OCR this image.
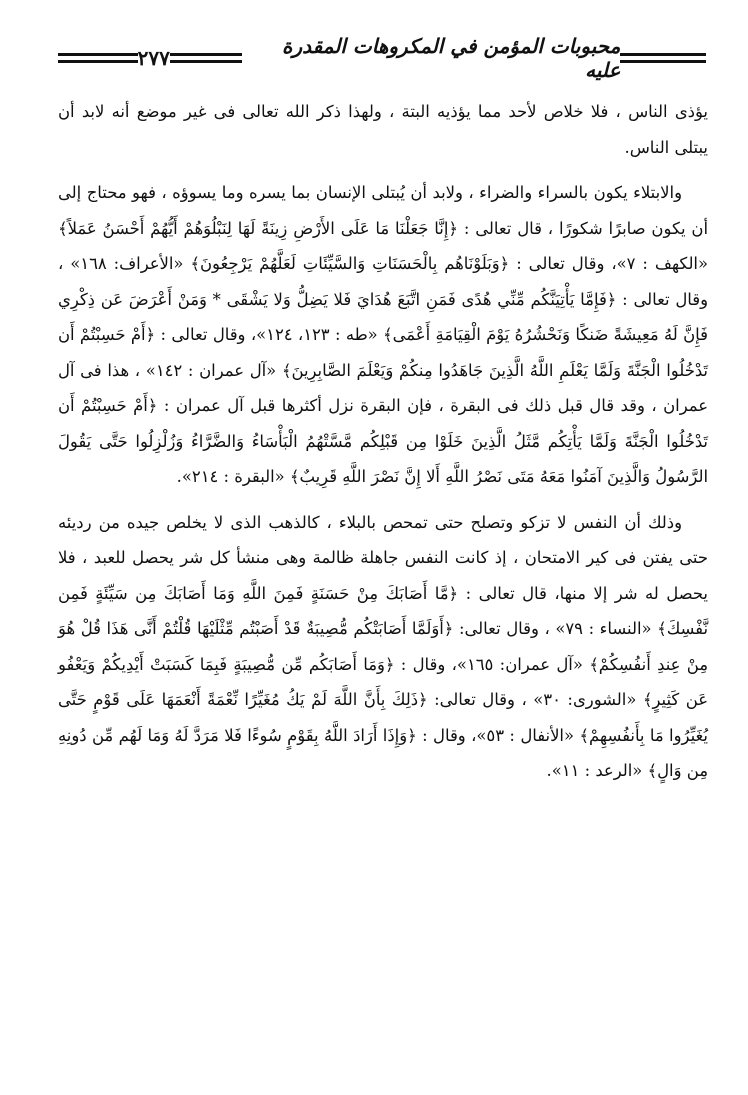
٢٧٧	محبوبات المؤمن في المكروهات المقدرة عليه

يؤذى الناس ، فلا خلاص لأحد مما يؤذيه البتة ، ولهذا ذكر الله تعالى فى غير موضع أنه لابد أن يبتلى الناس.

والابتلاء يكون بالسراء والضراء ، ولابد أن يُبتلى الإنسان بما يسره وما يسوؤه ، فهو محتاج إلى أن يكون صابرًا شكورًا ، قال تعالى : ﴿إِنَّا جَعَلْنَا مَا عَلَى الأَرْضِ زِينَةً لَهَا لِنَبْلُوَهُمْ أَيُّهُمْ أَحْسَنُ عَمَلاً﴾ «الكهف : ٧»، وقال تعالى : ﴿وَبَلَوْنَاهُم بِالْحَسَنَاتِ وَالسَّيِّئَاتِ لَعَلَّهُمْ يَرْجِعُونَ﴾ «الأعراف: ١٦٨» ، وقال تعالى : ﴿فَإِمَّا يَأْتِيَنَّكُم مِّنِّي هُدًى فَمَنِ اتَّبَعَ هُدَايَ فَلا يَضِلُّ وَلا يَشْقَى * وَمَنْ أَعْرَضَ عَن ذِكْرِي فَإِنَّ لَهُ مَعِيشَةً ضَنكًا وَنَحْشُرُهُ يَوْمَ الْقِيَامَةِ أَعْمَى﴾ «طه : ١٢٣، ١٢٤»، وقال تعالى : ﴿أَمْ حَسِبْتُمْ أَن تَدْخُلُوا الْجَنَّةَ وَلَمَّا يَعْلَمِ اللَّهُ الَّذِينَ جَاهَدُوا مِنكُمْ وَيَعْلَمَ الصَّابِرِينَ﴾ «آل عمران : ١٤٢» ، هذا فى آل عمران ، وقد قال قبل ذلك فى البقرة ، فإن البقرة نزل أكثرها قبل آل عمران : ﴿أَمْ حَسِبْتُمْ أَن تَدْخُلُوا الْجَنَّةَ وَلَمَّا يَأْتِكُم مَّثَلُ الَّذِينَ خَلَوْا مِن قَبْلِكُم مَّسَّتْهُمُ الْبَأْسَاءُ وَالضَّرَّاءُ وَزُلْزِلُوا حَتَّى يَقُولَ الرَّسُولُ وَالَّذِينَ آمَنُوا مَعَهُ مَتَى نَصْرُ اللَّهِ أَلا إِنَّ نَصْرَ اللَّهِ قَرِيبٌ﴾ «البقرة : ٢١٤».

وذلك أن النفس لا تزكو وتصلح حتى تمحص بالبلاء ، كالذهب الذى لا يخلص جيده من رديئه حتى يفتن فى كير الامتحان ، إذ كانت النفس جاهلة ظالمة وهى منشأ كل شر يحصل للعبد ، فلا يحصل له شر إلا منها، قال تعالى : ﴿مَّا أَصَابَكَ مِنْ حَسَنَةٍ فَمِنَ اللَّهِ وَمَا أَصَابَكَ مِن سَيِّئَةٍ فَمِن نَّفْسِكَ﴾ «النساء : ٧٩» ، وقال تعالى: ﴿أَوَلَمَّا أَصَابَتْكُم مُّصِيبَةٌ قَدْ أَصَبْتُم مِّثْلَيْهَا قُلْتُمْ أَنَّى هَذَا قُلْ هُوَ مِنْ عِندِ أَنفُسِكُمْ﴾ «آل عمران: ١٦٥»، وقال : ﴿وَمَا أَصَابَكُم مِّن مُّصِيبَةٍ فَبِمَا كَسَبَتْ أَيْدِيكُمْ وَيَعْفُو عَن كَثِيرٍ﴾ «الشورى: ٣٠» ، وقال تعالى: ﴿ذَلِكَ بِأَنَّ اللَّهَ لَمْ يَكُ مُغَيِّرًا نِّعْمَةً أَنْعَمَهَا عَلَى قَوْمٍ حَتَّى يُغَيِّرُوا مَا بِأَنفُسِهِمْ﴾ «الأنفال : ٥٣»، وقال : ﴿وَإِذَا أَرَادَ اللَّهُ بِقَوْمٍ سُوءًا فَلا مَرَدَّ لَهُ وَمَا لَهُم مِّن دُونِهِ مِن وَالٍ﴾ «الرعد : ١١».
